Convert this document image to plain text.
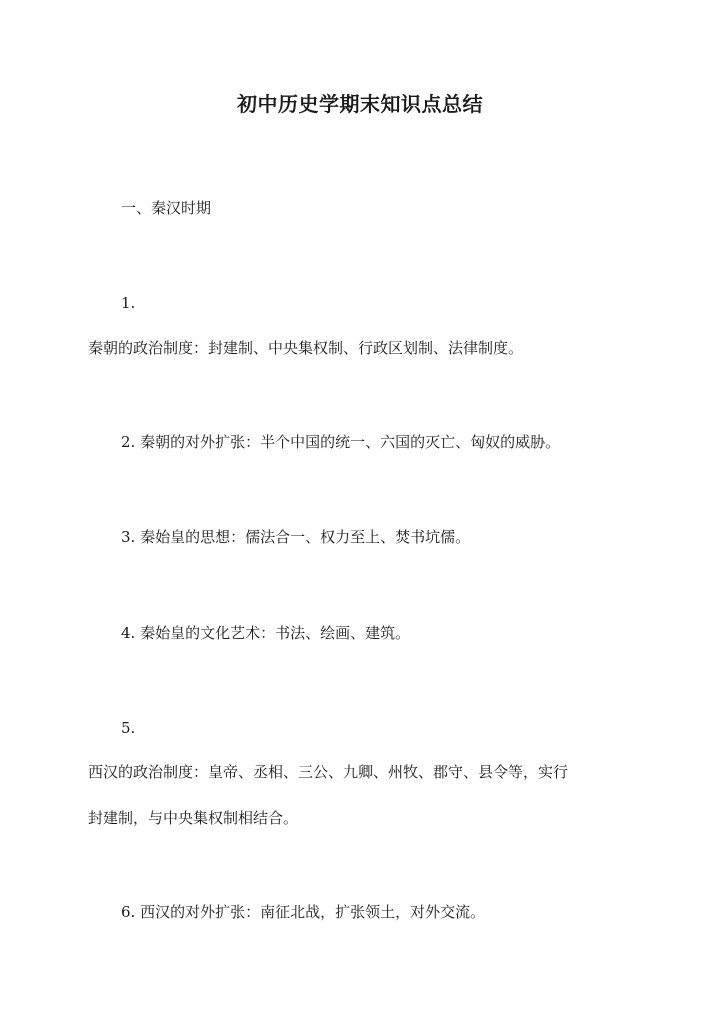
初中历史学期末知识点总结
一、秦汉时期
1.
秦朝的政治制度：封建制、中央集权制、行政区划制、法律制度。
2. 秦朝的对外扩张：半个中国的统一、六国的灭亡、匈奴的威胁。
3. 秦始皇的思想：儒法合一、权力至上、焚书坑儒。
4. 秦始皇的文化艺术：书法、绘画、建筑。
5.
西汉的政治制度：皇帝、丞相、三公、九卿、州牧、郡守、县令等，实行
封建制，与中央集权制相结合。
6. 西汉的对外扩张：南征北战，扩张领土，对外交流。
